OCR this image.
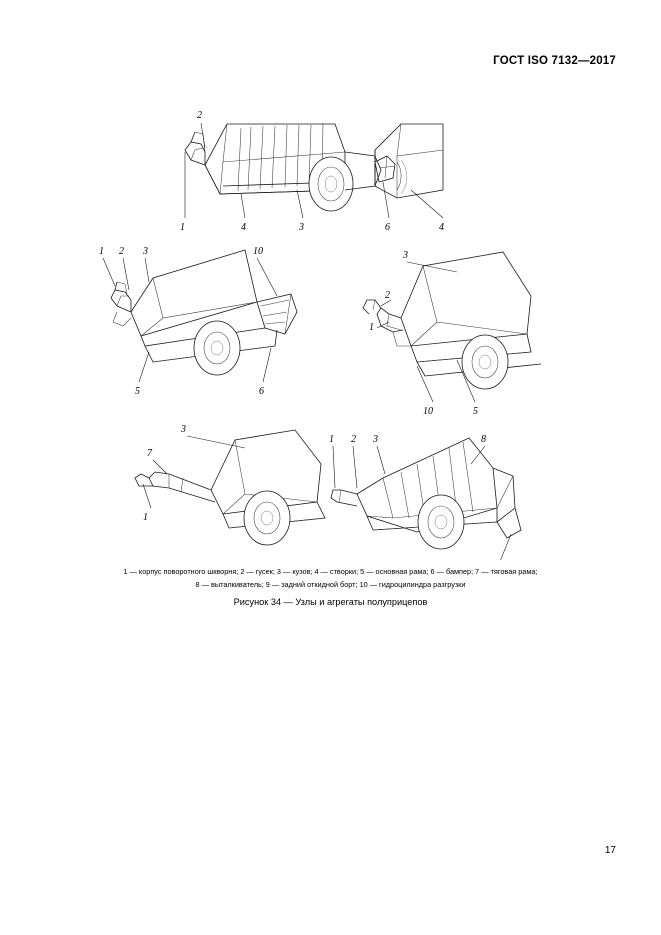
ГОСТ ISO 7132—2017
2
1	4	3	6	4
1 2 3	10
5	6
3
2
1
10	5
3
7
1
1 2 3	8
1 — корпус поворотного шкворня; 2 — гусек; 3 — кузов; 4 — створки; 5 — основная рама; 6 — бампер; 7 — тяговая рама;
8 — выталкиватель; 9 — задний откидной борт; 10 — гидроцилиндра разгрузки
Рисунок 34 — Узлы и агрегаты полуприцепов
17
